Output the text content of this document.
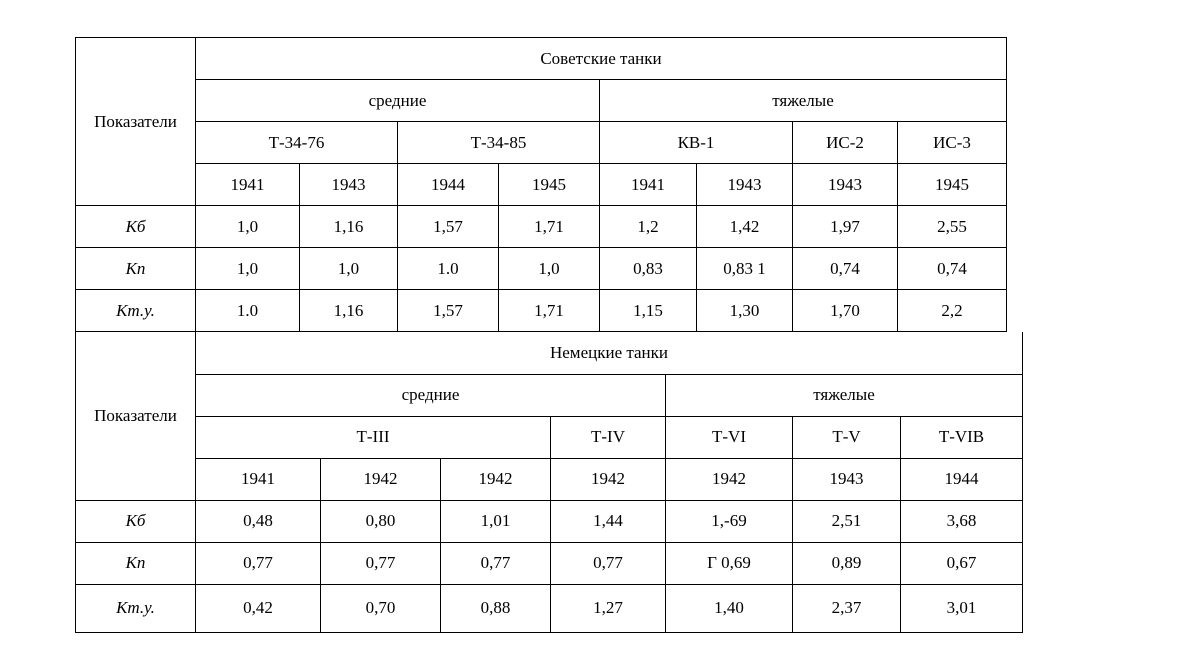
Показатели	Советские танки							
	средние				тяжелые			
	Т-34-76		Т-34-85		КВ-1		ИС-2	ИС-3
	1941	1943	1944	1945	1941	1943	1943	1945
Кб	1,0	1,16	1,57	1,71	1,2	1,42	1,97	2,55
Кп	1,0	1,0	1.0	1,0	0,83	0,83 1	0,74	0,74
Кт.у.	1.0	1,16	1,57	1,71	1,15	1,30	1,70	2,2
Показатели	Немецкие танки						
	средние				тяжелые		
	Т-III			Т-IV	Т-VI	Т-V	Т-VIB
	1941	1942	1942	1942	1942	1943	1944
Кб	0,48	0,80	1,01	1,44	1,-69	2,51	3,68
Кп	0,77	0,77	0,77	0,77	Г 0,69	0,89	0,67
Кт.у.	0,42	0,70	0,88	1,27	1,40	2,37	3,01
